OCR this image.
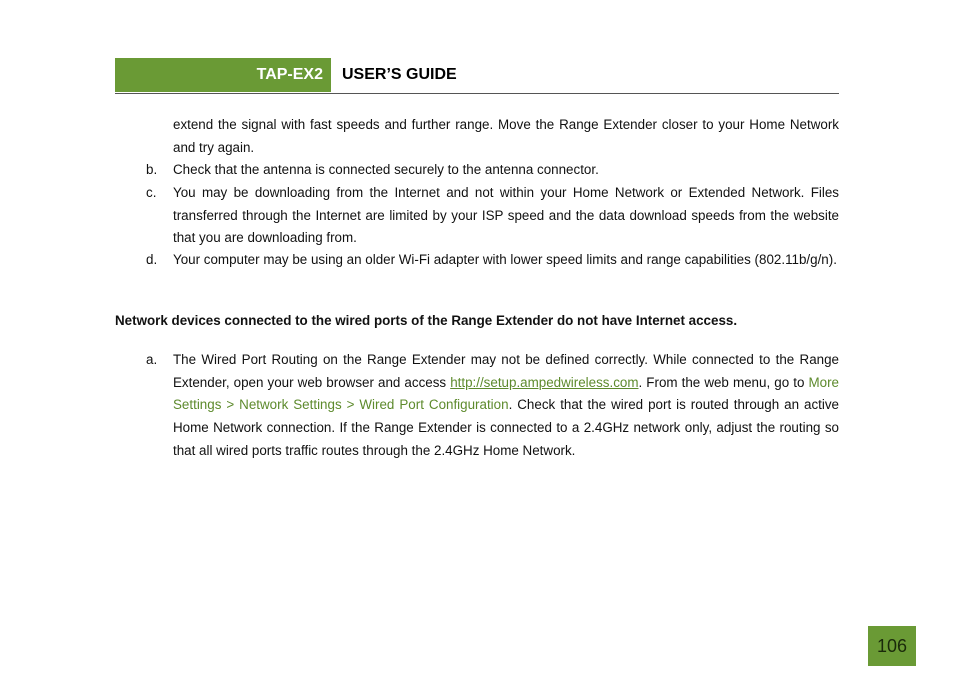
TAP-EX2 USER’S GUIDE
extend the signal with fast speeds and further range. Move the Range Extender closer to your Home Network and try again.
b. Check that the antenna is connected securely to the antenna connector.
c. You may be downloading from the Internet and not within your Home Network or Extended Network. Files transferred through the Internet are limited by your ISP speed and the data download speeds from the website that you are downloading from.
d. Your computer may be using an older Wi-Fi adapter with lower speed limits and range capabilities (802.11b/g/n).
Network devices connected to the wired ports of the Range Extender do not have Internet access.
a. The Wired Port Routing on the Range Extender may not be defined correctly. While connected to the Range Extender, open your web browser and access http://setup.ampedwireless.com. From the web menu, go to More Settings > Network Settings > Wired Port Configuration. Check that the wired port is routed through an active Home Network connection. If the Range Extender is connected to a 2.4GHz network only, adjust the routing so that all wired ports traffic routes through the 2.4GHz Home Network.
106
